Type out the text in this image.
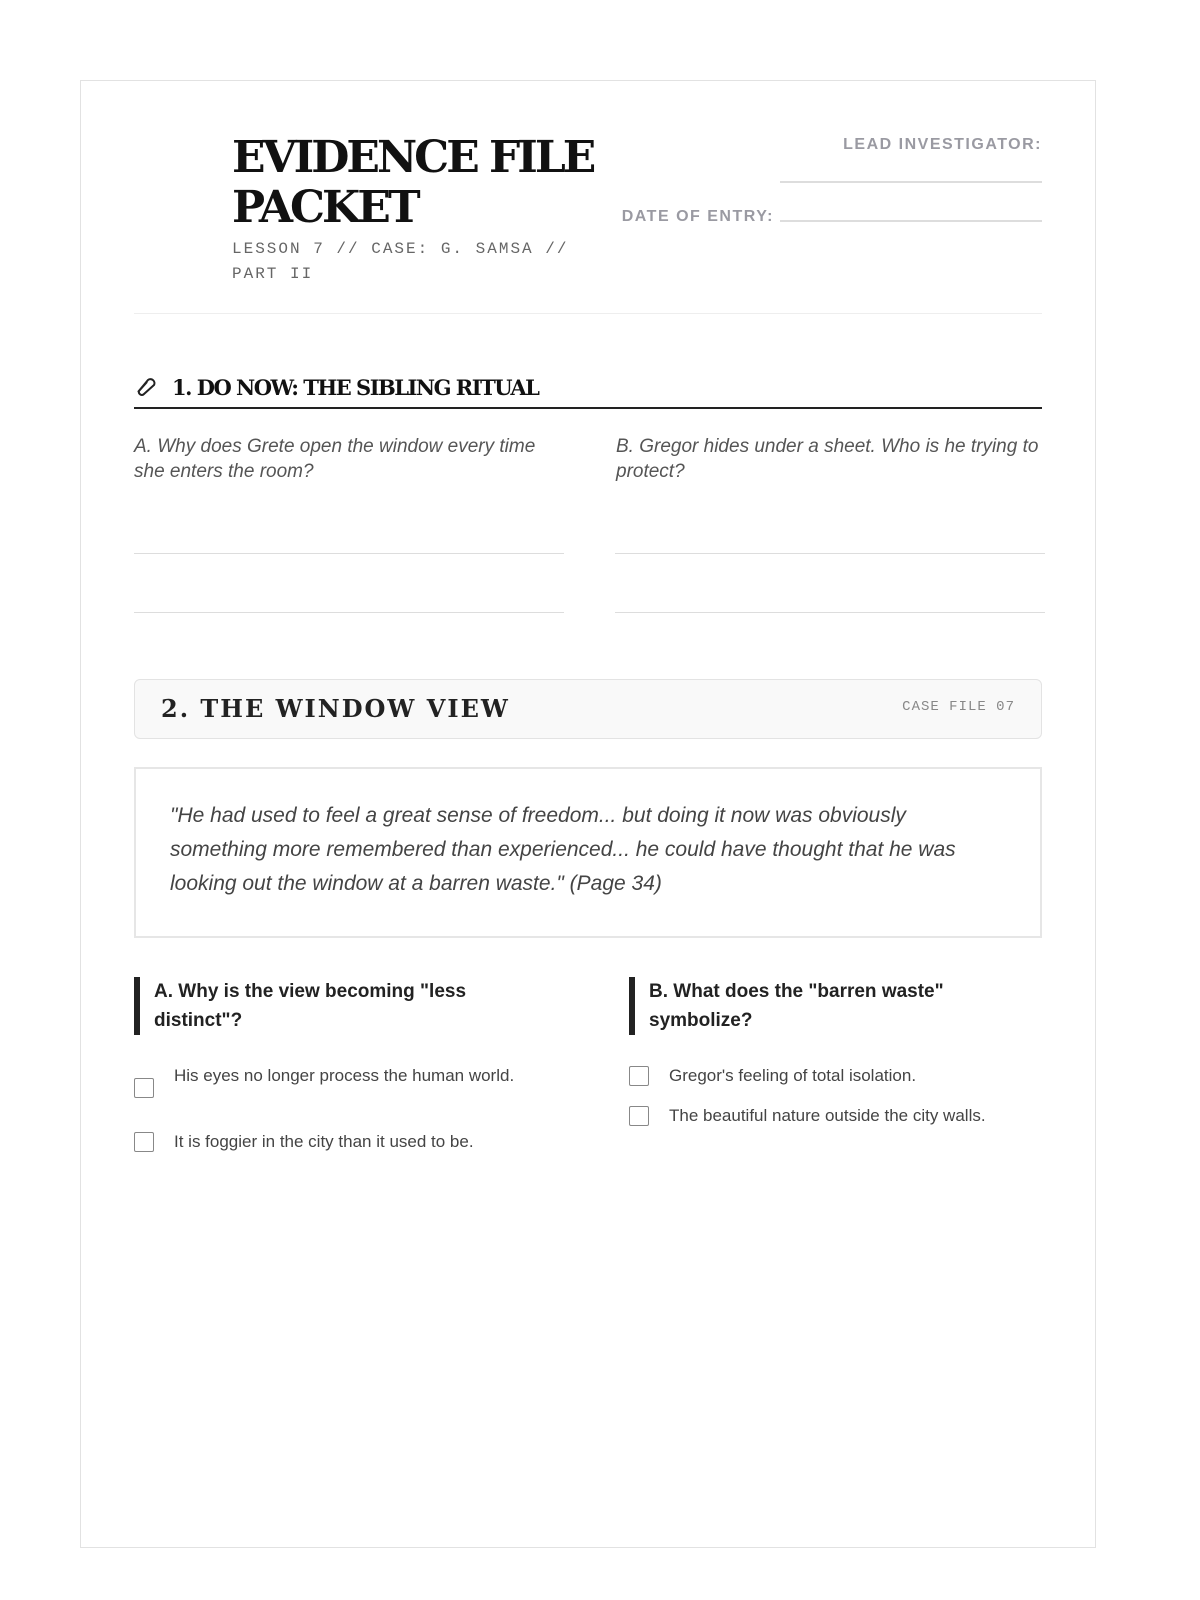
EVIDENCE FILE PACKET
LESSON 7 // CASE: G. SAMSA // PART II
LEAD INVESTIGATOR:
DATE OF ENTRY:
1. DO NOW: THE SIBLING RITUAL
A. Why does Grete open the window every time she enters the room?
B. Gregor hides under a sheet. Who is he trying to protect?
2. THE WINDOW VIEW	CASE FILE 07
"He had used to feel a great sense of freedom... but doing it now was obviously something more remembered than experienced... he could have thought that he was looking out the window at a barren waste." (Page 34)
A. Why is the view becoming "less distinct"?
B. What does the "barren waste" symbolize?
His eyes no longer process the human world.
It is foggier in the city than it used to be.
Gregor's feeling of total isolation.
The beautiful nature outside the city walls.
